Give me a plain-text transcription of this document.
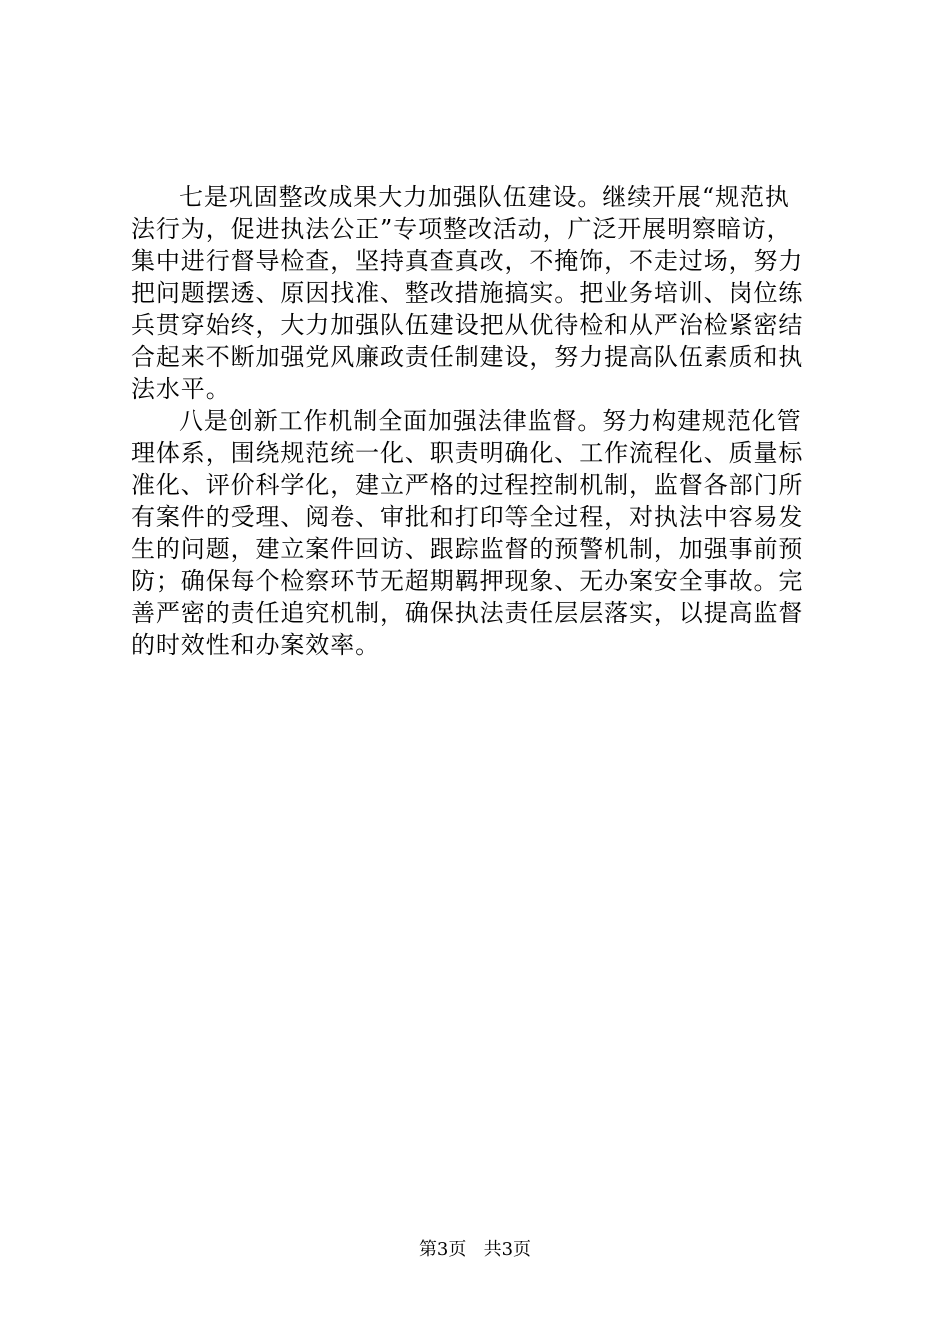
七是巩固整改成果大力加强队伍建设。继续开展“规范执
法行为，促进执法公正”专项整改活动，广泛开展明察暗访，
集中进行督导检查，坚持真查真改，不掩饰，不走过场，努力
把问题摆透、原因找准、整改措施搞实。把业务培训、岗位练
兵贯穿始终，大力加强队伍建设把从优待检和从严治检紧密结
合起来不断加强党风廉政责任制建设，努力提高队伍素质和执
法水平。
八是创新工作机制全面加强法律监督。努力构建规范化管
理体系，围绕规范统一化、职责明确化、工作流程化、质量标
准化、评价科学化，建立严格的过程控制机制，监督各部门所
有案件的受理、阅卷、审批和打印等全过程，对执法中容易发
生的问题，建立案件回访、跟踪监督的预警机制，加强事前预
防；确保每个检察环节无超期羁押现象、无办案安全事故。完
善严密的责任追究机制，确保执法责任层层落实，以提高监督
的时效性和办案效率。
第3页 共3页
